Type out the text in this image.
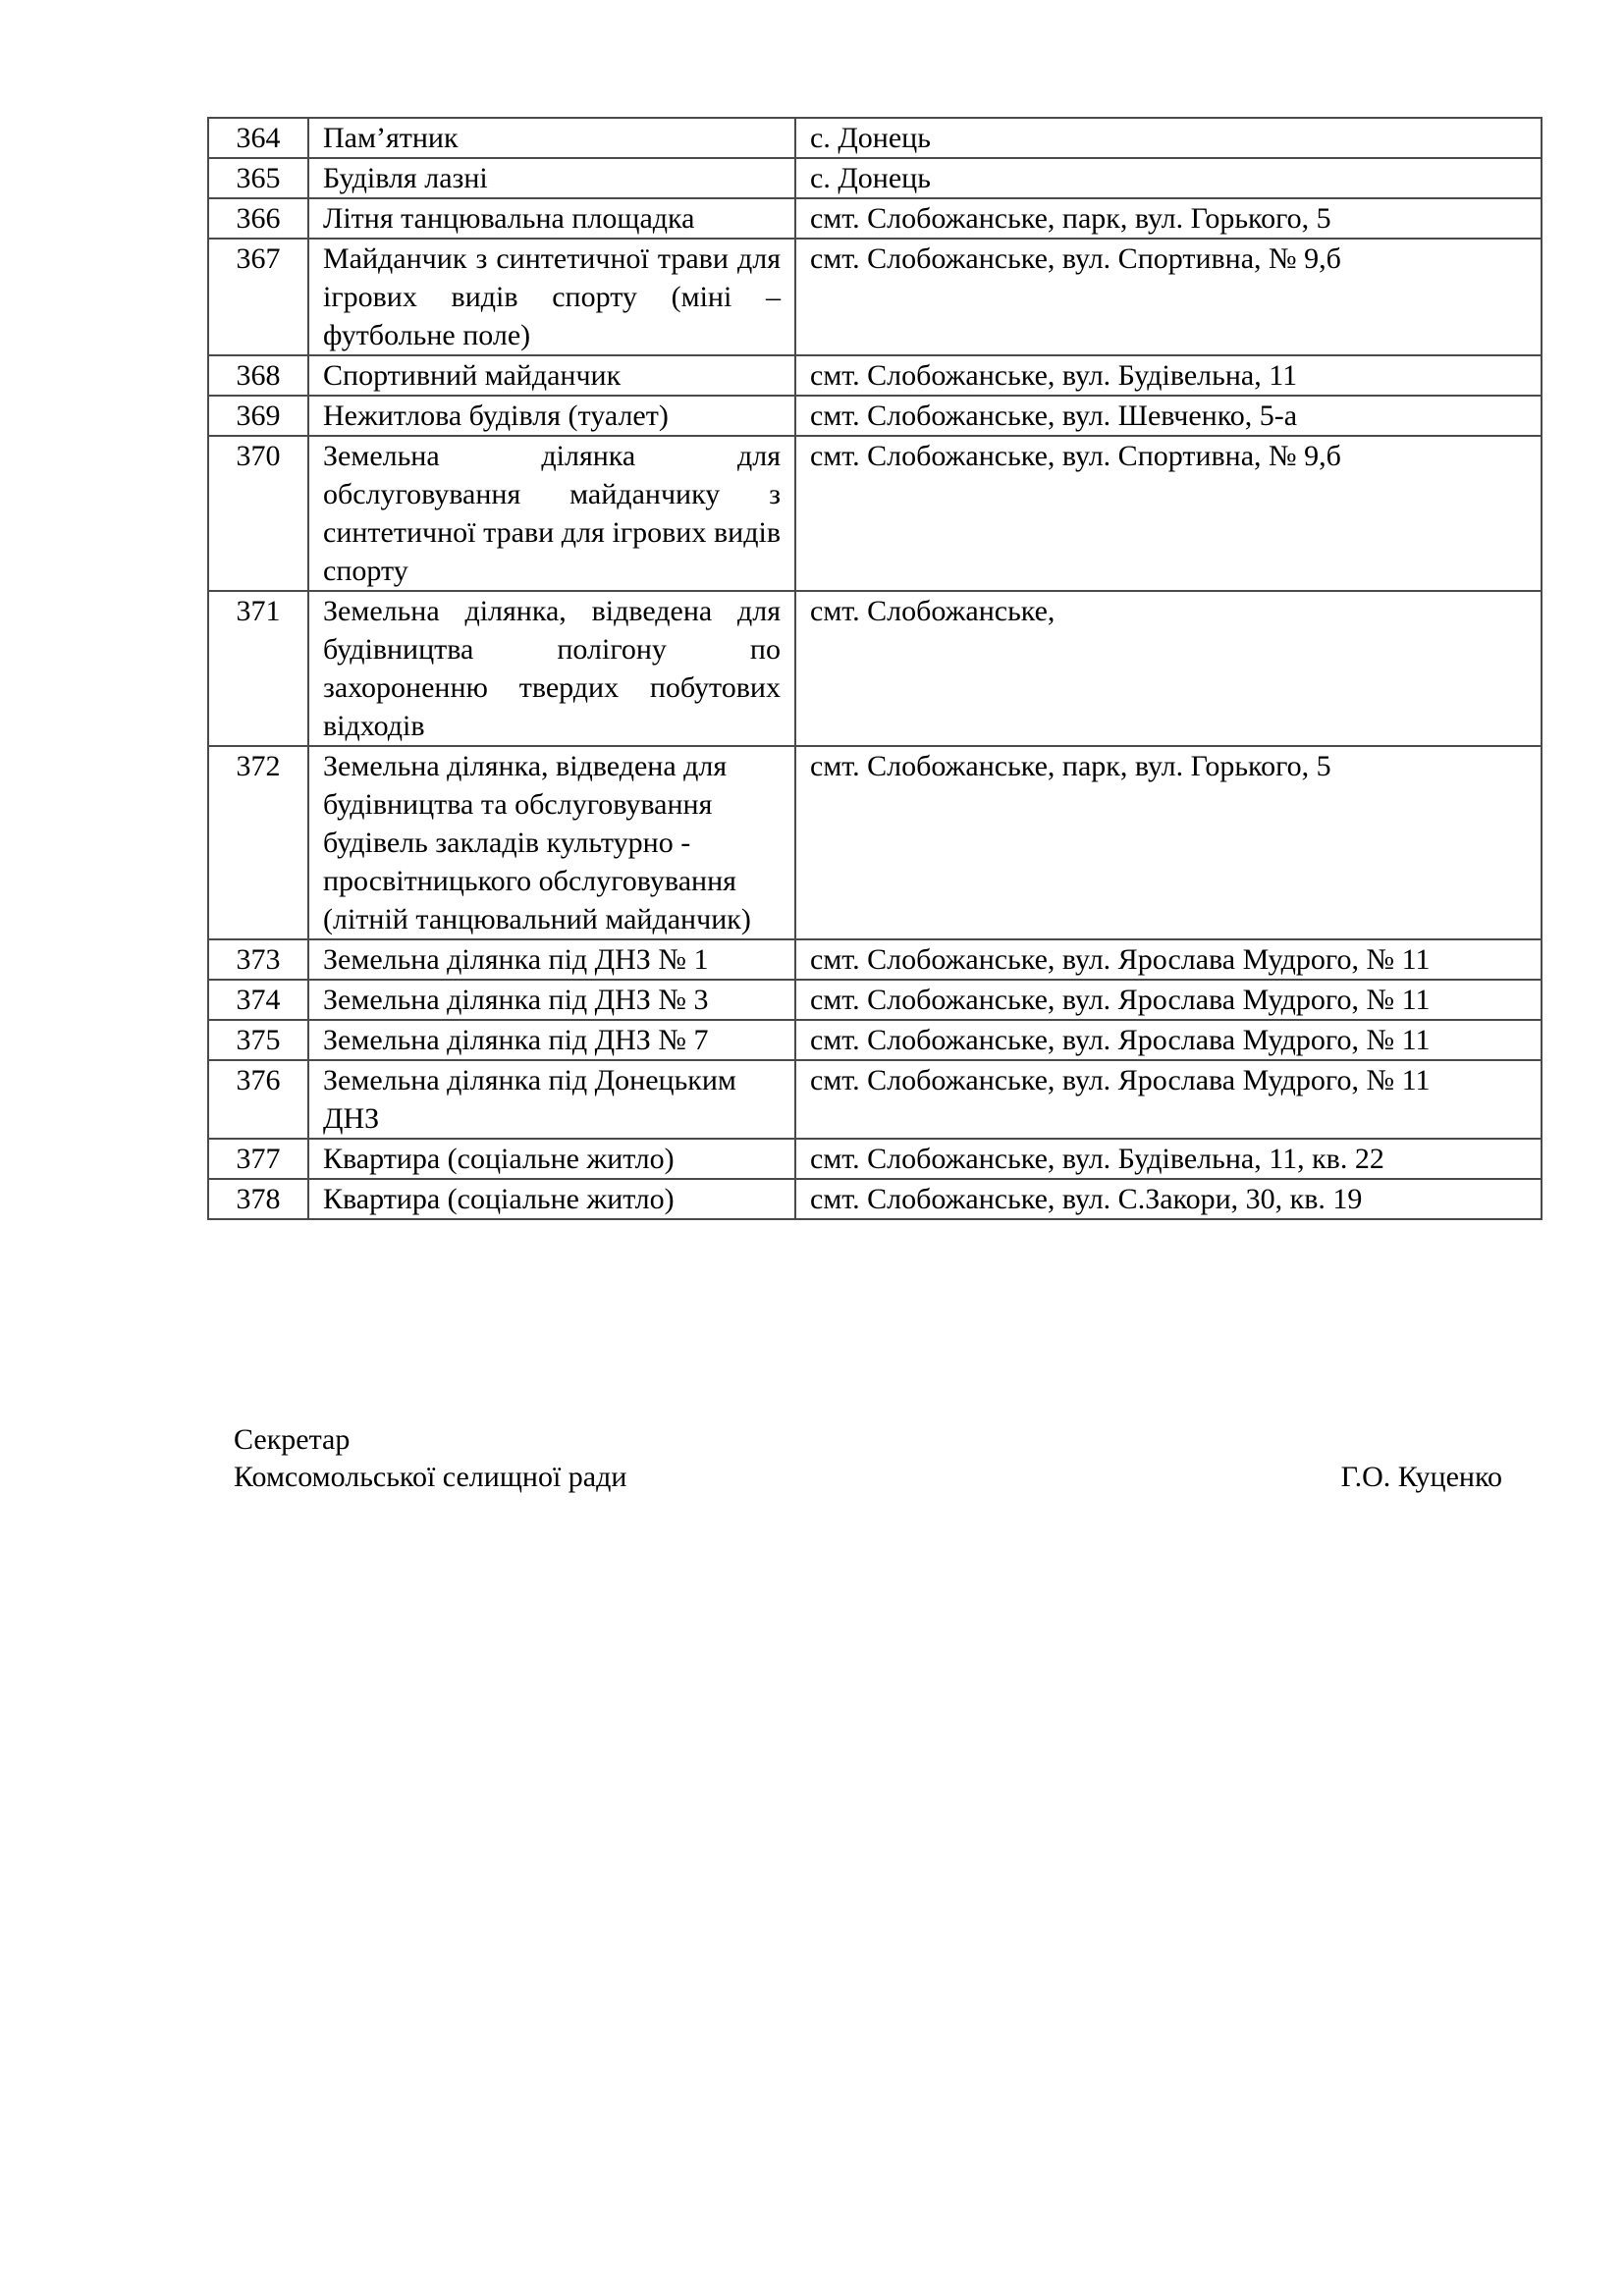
364	Пам’ятник	с. Донець
365	Будівля лазні	с. Донець
366	Літня танцювальна площадка	смт. Слобожанське, парк, вул. Горького, 5
367	Майданчик з синтетичної трави для ігрових видів спорту (міні – футбольне поле)	смт. Слобожанське, вул. Спортивна, № 9,б
368	Спортивний майданчик	смт. Слобожанське, вул. Будівельна, 11
369	Нежитлова будівля (туалет)	смт. Слобожанське, вул. Шевченко, 5-а
370	Земельна ділянка для обслуговування майданчику з синтетичної трави для ігрових видів спорту	смт. Слобожанське, вул. Спортивна, № 9,б
371	Земельна ділянка, відведена для будівництва полігону по захороненню твердих побутових відходів	смт. Слобожанське,
372	Земельна ділянка, відведена для будівництва та обслуговування будівель закладів культурно - просвітницького обслуговування (літній танцювальний майданчик)	смт. Слобожанське, парк, вул. Горького, 5
373	Земельна ділянка під ДНЗ № 1	смт. Слобожанське, вул. Ярослава Мудрого, № 11
374	Земельна ділянка під ДНЗ № 3	смт. Слобожанське, вул. Ярослава Мудрого, № 11
375	Земельна ділянка під ДНЗ № 7	смт. Слобожанське, вул. Ярослава Мудрого, № 11
376	Земельна ділянка під Донецьким ДНЗ	смт. Слобожанське, вул. Ярослава Мудрого, № 11
377	Квартира (соціальне житло)	смт. Слобожанське, вул. Будівельна, 11, кв. 22
378	Квартира (соціальне житло)	смт. Слобожанське, вул. С.Закори, 30, кв. 19
Секретар
Комсомольської селищної ради	Г.О. Куценко
